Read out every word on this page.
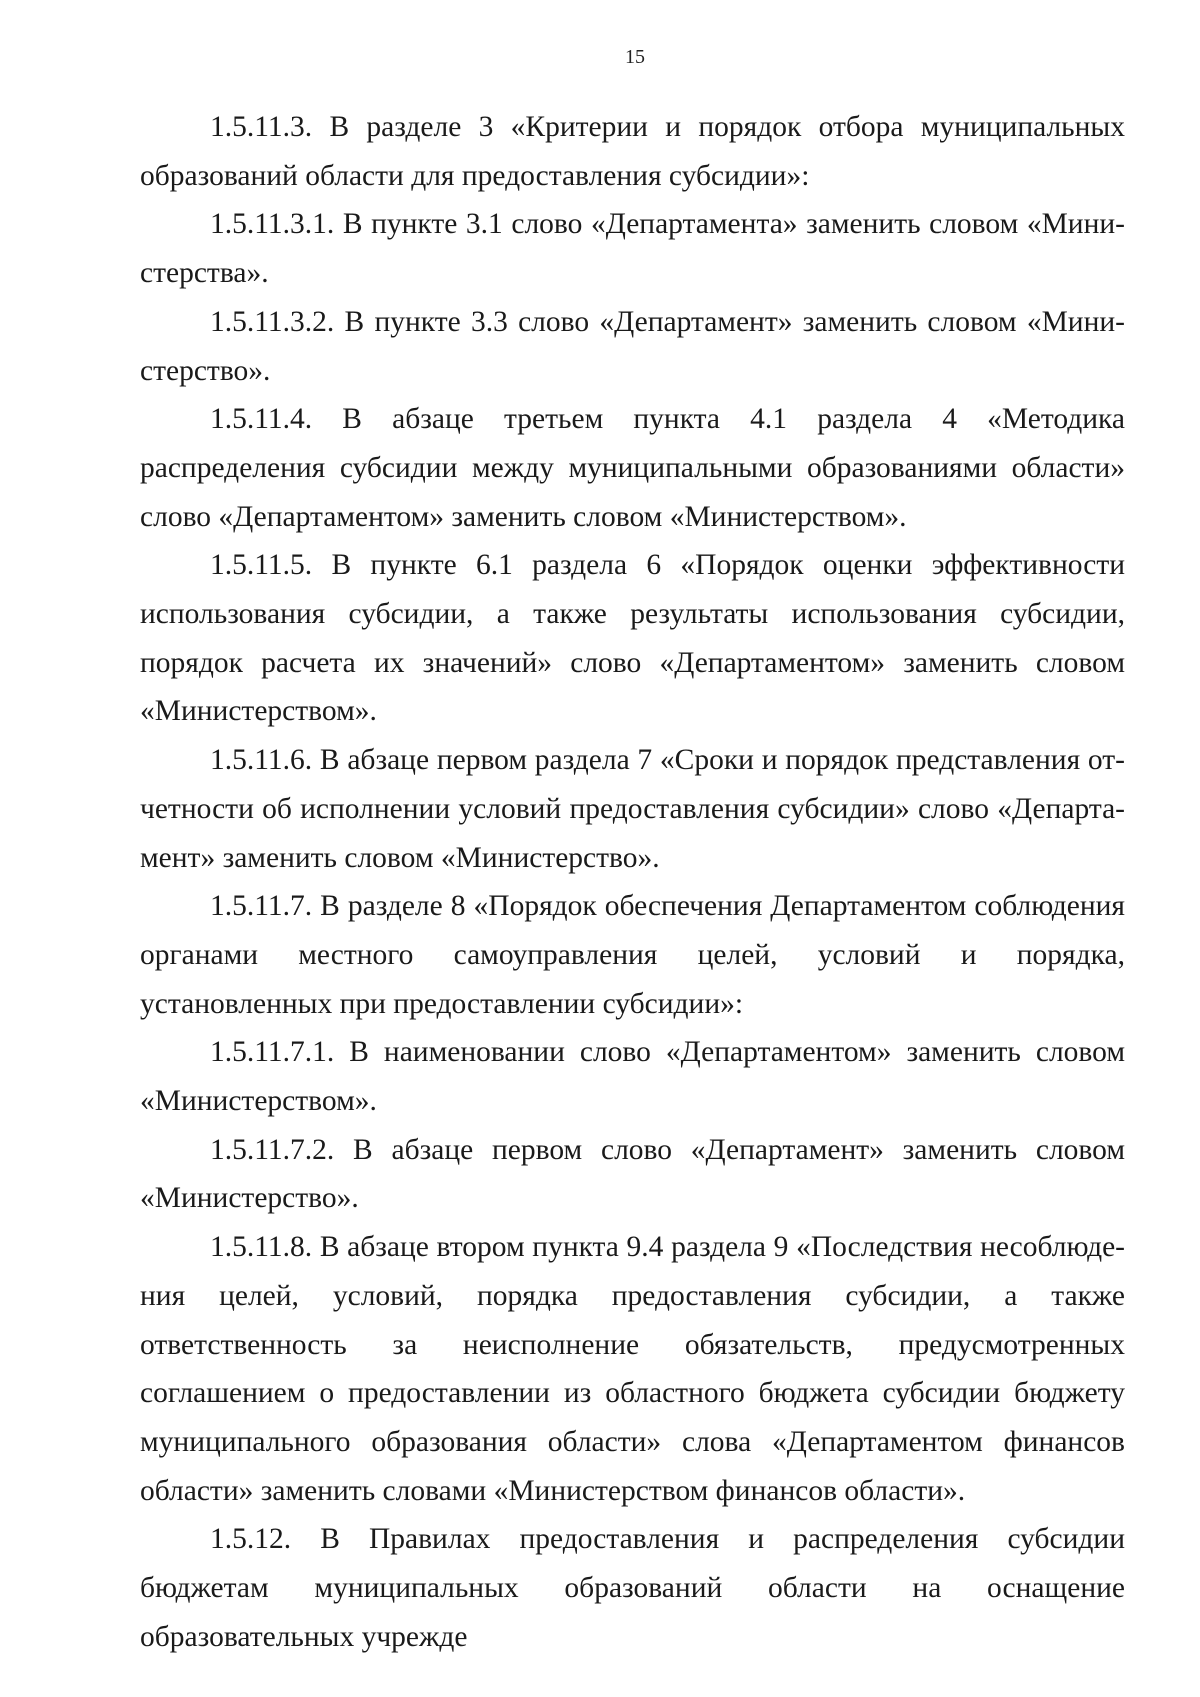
15

1.5.11.3. В разделе 3 «Критерии и порядок отбора муниципальных образований области для предоставления субсидии»:

1.5.11.3.1. В пункте 3.1 слово «Департамента» заменить словом «Министерства».

1.5.11.3.2. В пункте 3.3 слово «Департамент» заменить словом «Министерство».

1.5.11.4. В абзаце третьем пункта 4.1 раздела 4 «Методика распределения субсидии между муниципальными образованиями области» слово «Департаментом» заменить словом «Министерством».

1.5.11.5. В пункте 6.1 раздела 6 «Порядок оценки эффективности использования субсидии, а также результаты использования субсидии, порядок расчета их значений» слово «Департаментом» заменить словом «Министерством».

1.5.11.6. В абзаце первом раздела 7 «Сроки и порядок представления отчетности об исполнении условий предоставления субсидии» слово «Департамент» заменить словом «Министерство».

1.5.11.7. В разделе 8 «Порядок обеспечения Департаментом соблюдения органами местного самоуправления целей, условий и порядка, установленных при предоставлении субсидии»:

1.5.11.7.1. В наименовании слово «Департаментом» заменить словом «Министерством».

1.5.11.7.2. В абзаце первом слово «Департамент» заменить словом «Министерство».

1.5.11.8. В абзаце втором пункта 9.4 раздела 9 «Последствия несоблюдения целей, условий, порядка предоставления субсидии, а также ответственность за неисполнение обязательств, предусмотренных соглашением о предоставлении из областного бюджета субсидии бюджету муниципального образования области» слова «Департаментом финансов области» заменить словами «Министерством финансов области».

1.5.12. В Правилах предоставления и распределения субсидии бюджетам муниципальных образований области на оснащение образовательных учрежде
